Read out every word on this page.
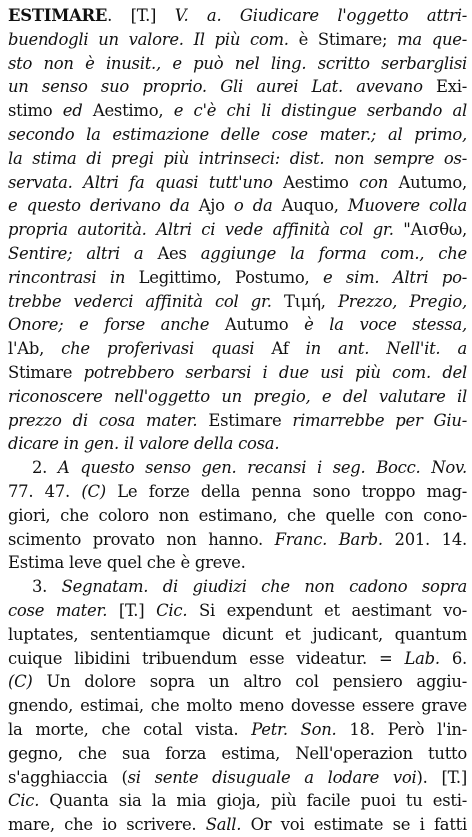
ESTIMARE. [T.] V. a. Giudicare l'oggetto attri-
buendogli un valore. Il più com. è Stimare; ma que-
sto non è inusit., e può nel ling. scritto serbarglisi
un senso suo proprio. Gli aurei Lat. avevano Exi-
stimo ed Aestimo, e c'è chi li distingue serbando al
secondo la estimazione delle cose mater.; al primo,
la stima di pregi più intrinseci: dist. non sempre os-
servata. Altri fa quasi tutt'uno Aestimo con Autumo,
e questo derivano da Ajo o da Auquo, Muovere colla
propria autorità. Altri ci vede affinità col gr. "Αισθω,
Sentire; altri a Aes aggiunge la forma com., che
rincontrasi in Legittimo, Postumo, e sim. Altri po-
trebbe vederci affinità col gr. Τιμή, Prezzo, Pregio,
Onore; e forse anche Autumo è la voce stessa,
l'Ab, che proferivasi quasi Af in ant. Nell'it. a
Stimare potrebbero serbarsi i due usi più com. del
riconoscere nell'oggetto un pregio, e del valutare il
prezzo di cosa mater. Estimare rimarrebbe per Giu-
dicare in gen. il valore della cosa.
2. A questo senso gen. recansi i seg. Bocc. Nov.
77. 47. (C) Le forze della penna sono troppo mag-
giori, che coloro non estimano, che quelle con cono-
scimento provato non hanno. Franc. Barb. 201. 14.
Estima leve quel che è greve.
3. Segnatam. di giudizi che non cadono sopra
cose mater. [T.] Cic. Si expendunt et aestimant vo-
luptates, sententiamque dicunt et judicant, quantum
cuique libidini tribuendum esse videatur. = Lab. 6.
(C) Un dolore sopra un altro col pensiero aggiu-
gnendo, estimai, che molto meno dovesse essere grave
la morte, che cotal vista. Petr. Son. 18. Però l'in-
gegno, che sua forza estima, Nell'operazion tutto
s'agghiaccia (si sente disuguale a lodare voi). [T.]
Cic. Quanta sia la mia gioja, più facile puoi tu esti-
mare, che io scrivere. Sall. Or voi estimate se i fatti
